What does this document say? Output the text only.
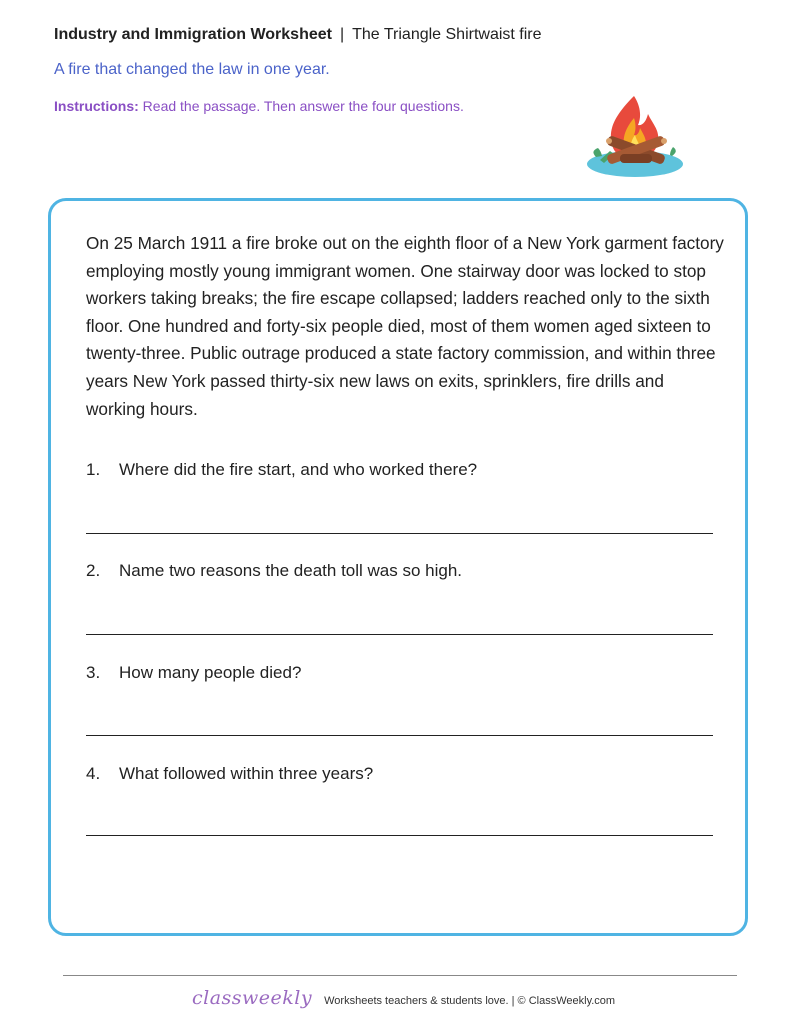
Industry and Immigration Worksheet | The Triangle Shirtwaist fire
A fire that changed the law in one year.
Instructions: Read the passage. Then answer the four questions.

On 25 March 1911 a fire broke out on the eighth floor of a New York garment factory employing mostly young immigrant women. One stairway door was locked to stop workers taking breaks; the fire escape collapsed; ladders reached only to the sixth floor. One hundred and forty-six people died, most of them women aged sixteen to twenty-three. Public outrage produced a state factory commission, and within three years New York passed thirty-six new laws on exits, sprinklers, fire drills and working hours.

1. Where did the fire start, and who worked there?
2. Name two reasons the death toll was so high.
3. How many people died?
4. What followed within three years?
classweekly Worksheets teachers & students love. | © ClassWeekly.com
